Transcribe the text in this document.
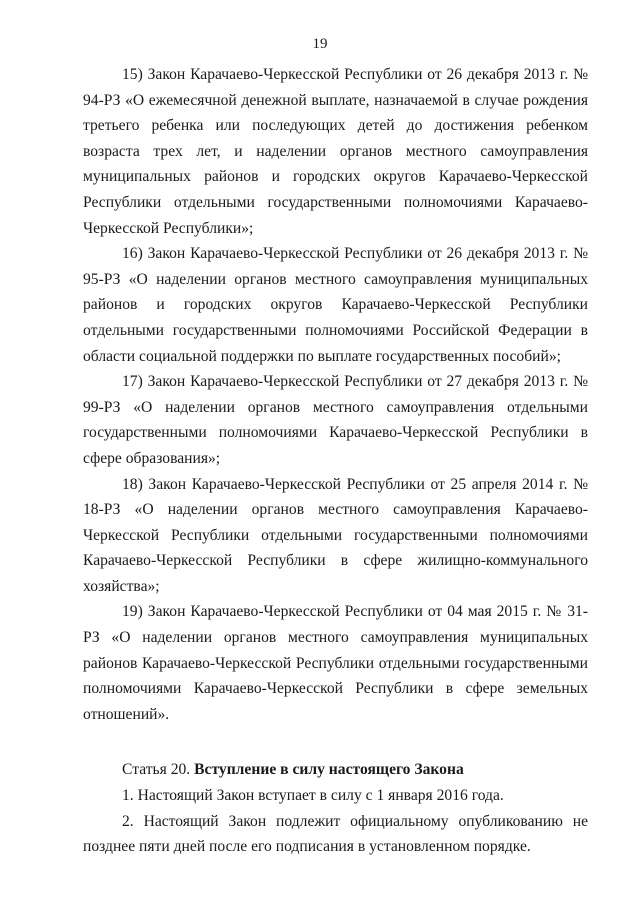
19

15) Закон Карачаево-Черкесской Республики от 26 декабря 2013 г. № 94-РЗ «О ежемесячной денежной выплате, назначаемой в случае рождения третьего ребенка или последующих детей до достижения ребенком возраста трех лет, и наделении органов местного самоуправления муниципальных районов и городских округов Карачаево-Черкесской Республики отдельными государственными полномочиями Карачаево-Черкесской Республики»;

16) Закон Карачаево-Черкесской Республики от 26 декабря 2013 г. № 95-РЗ «О наделении органов местного самоуправления муниципальных районов и городских округов Карачаево-Черкесской Республики отдельными государственными полномочиями Российской Федерации в области социальной поддержки по выплате государственных пособий»;

17) Закон Карачаево-Черкесской Республики от 27 декабря 2013 г. № 99-РЗ «О наделении органов местного самоуправления отдельными государственными полномочиями Карачаево-Черкесской Республики в сфере образования»;

18) Закон Карачаево-Черкесской Республики от 25 апреля 2014 г. № 18-РЗ «О наделении органов местного самоуправления Карачаево-Черкесской Республики отдельными государственными полномочиями Карачаево-Черкесской Республики в сфере жилищно-коммунального хозяйства»;

19) Закон Карачаево-Черкесской Республики от 04 мая 2015 г. № 31-РЗ «О наделении органов местного самоуправления муниципальных районов Карачаево-Черкесской Республики отдельными государственными полномочиями Карачаево-Черкесской Республики в сфере земельных отношений».

Статья 20. Вступление в силу настоящего Закона

1. Настоящий Закон вступает в силу с 1 января 2016 года.

2. Настоящий Закон подлежит официальному опубликованию не позднее пяти дней после его подписания в установленном порядке.
